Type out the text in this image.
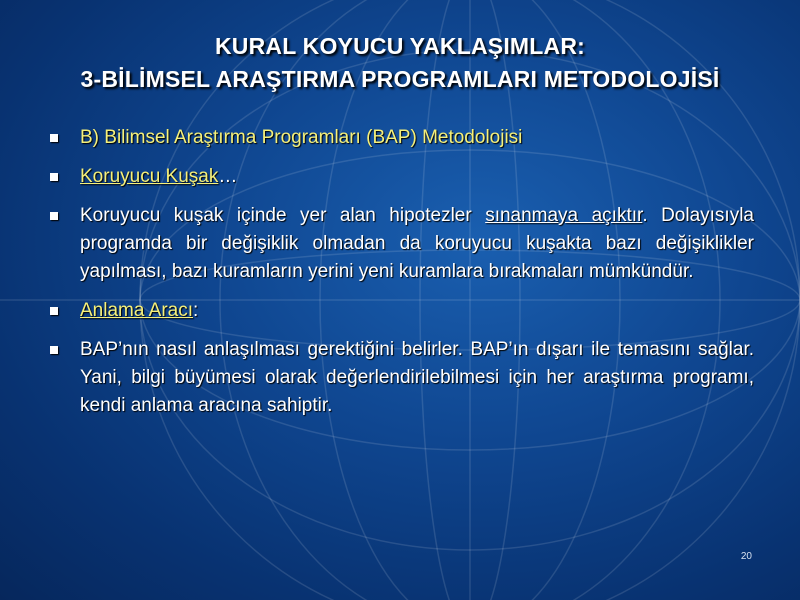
KURAL KOYUCU YAKLAŞIMLAR:
3-BİLİMSEL ARAŞTIRMA PROGRAMLARI METODOLOJİSİ
B) Bilimsel Araştırma Programları (BAP) Metodolojisi
Koruyucu Kuşak…
Koruyucu kuşak içinde yer alan hipotezler sınanmaya açıktır. Dolayısıyla programda bir değişiklik olmadan da koruyucu kuşakta bazı değişiklikler yapılması, bazı kuramların yerini yeni kuramlara bırakmaları mümkündür.
Anlama Aracı:
BAP’nın nasıl anlaşılması gerektiğini belirler. BAP’ın dışarı ile temasını sağlar. Yani, bilgi büyümesi olarak değerlendirilebilmesi için her araştırma programı, kendi anlama aracına sahiptir.
20
